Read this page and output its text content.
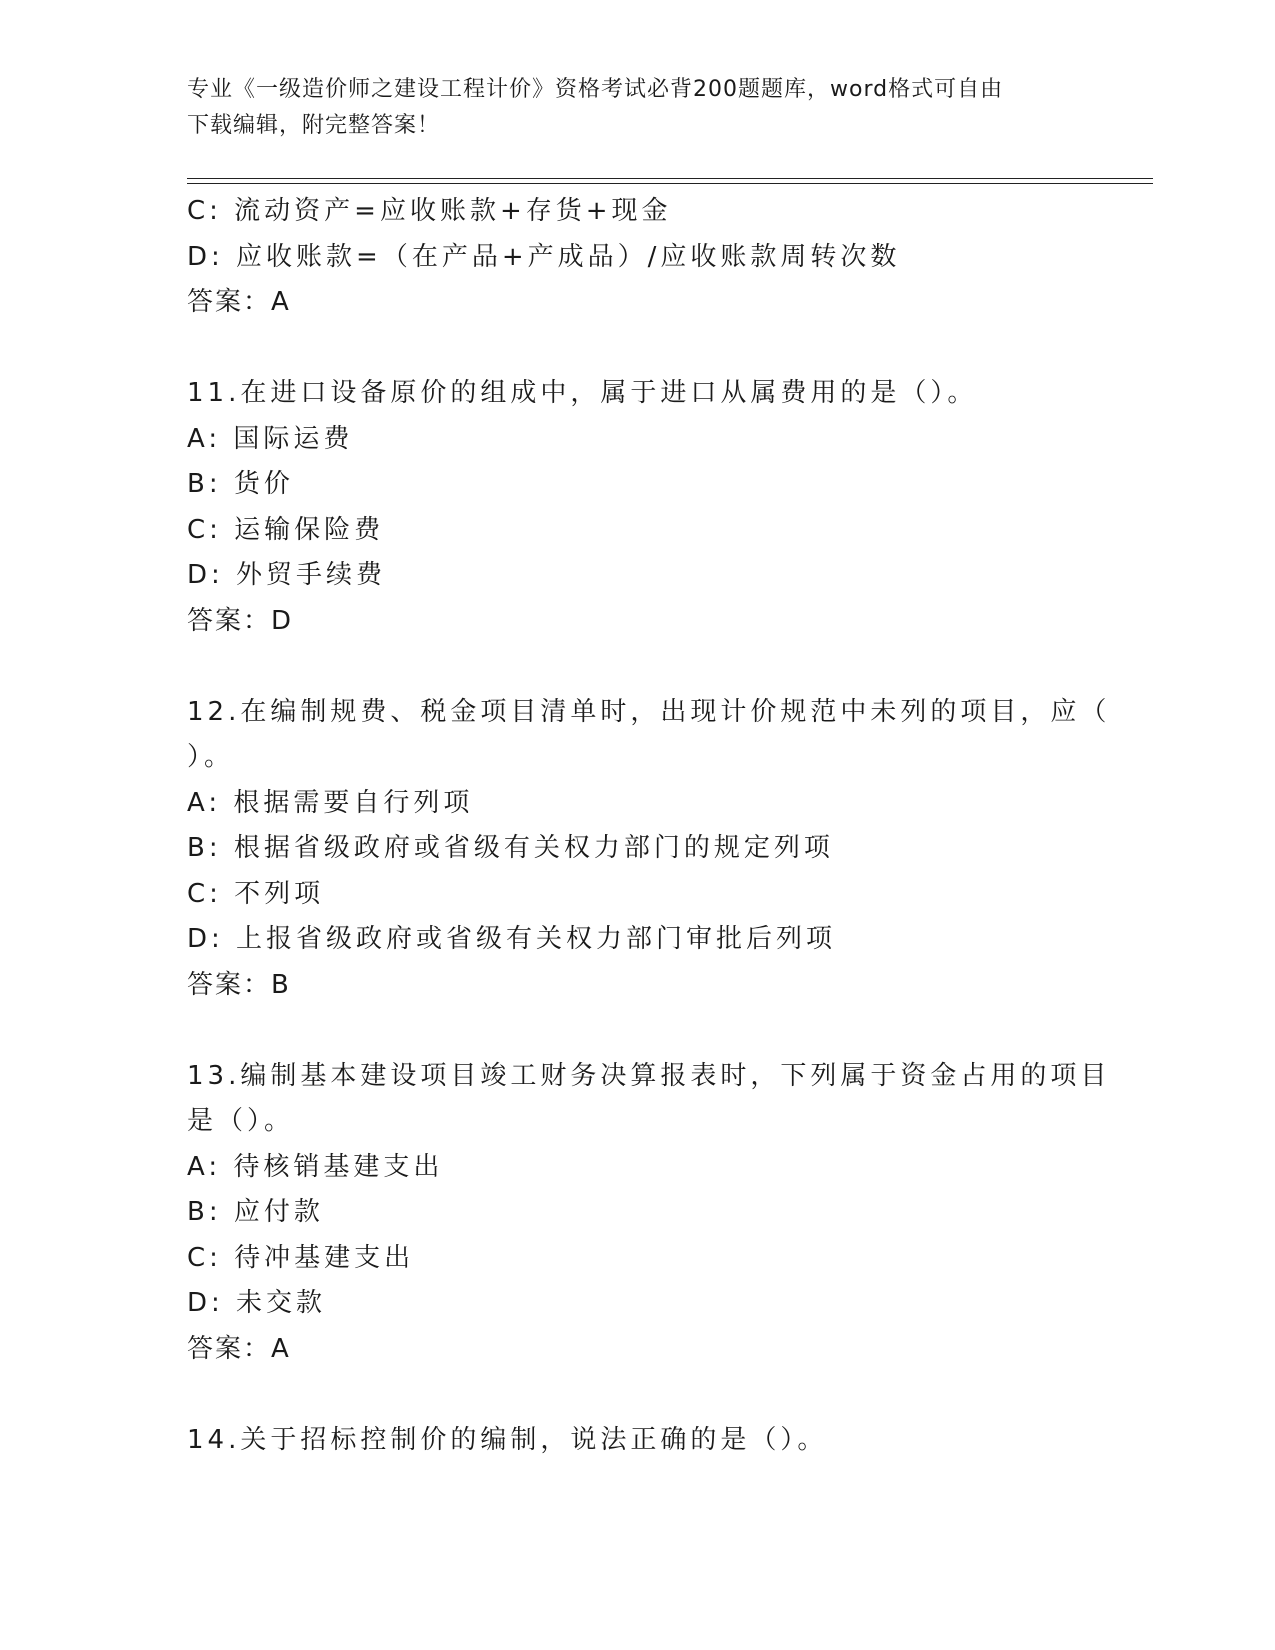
专业《一级造价师之建设工程计价》资格考试必背200题题库，word格式可自由
下载编辑，附完整答案！
C: 流动资产=应收账款+存货+现金
D: 应收账款=（在产品+产成品）/应收账款周转次数
答案：A
11.在进口设备原价的组成中，属于进口从属费用的是（）。
A: 国际运费
B: 货价
C: 运输保险费
D: 外贸手续费
答案：D
12.在编制规费、税金项目清单时，出现计价规范中未列的项目，应（
）。
A: 根据需要自行列项
B: 根据省级政府或省级有关权力部门的规定列项
C: 不列项
D: 上报省级政府或省级有关权力部门审批后列项
答案：B
13.编制基本建设项目竣工财务决算报表时，下列属于资金占用的项目
是（）。
A: 待核销基建支出
B: 应付款
C: 待冲基建支出
D: 未交款
答案：A
14.关于招标控制价的编制，说法正确的是（）。
